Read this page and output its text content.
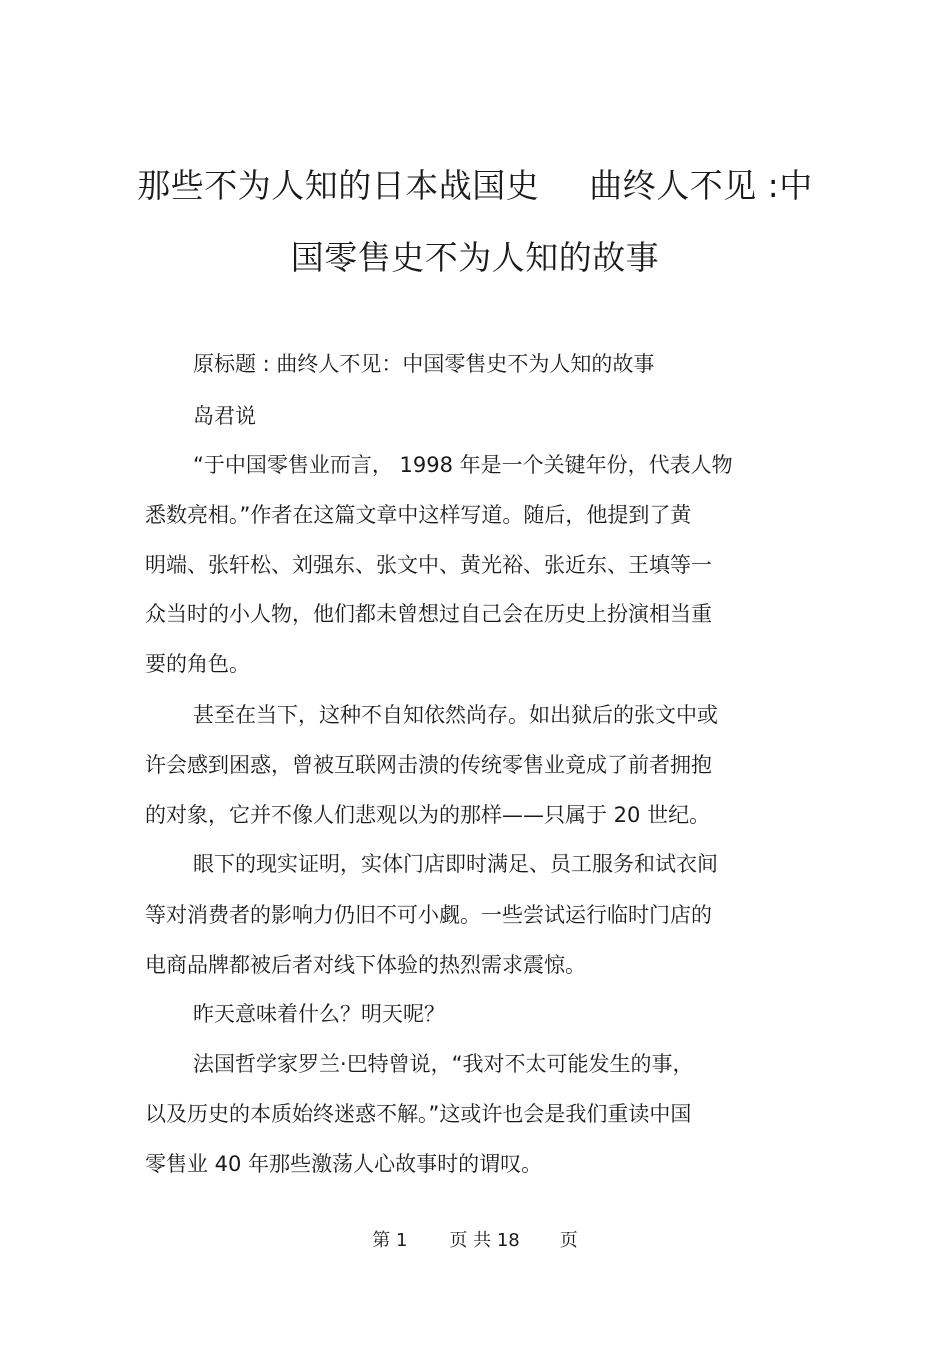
那些不为人知的日本战国史 曲终人不见 :中
国零售史不为人知的故事
原标题 : 曲终人不见：中国零售史不为人知的故事
岛君说
“于中国零售业而言， 1998 年是一个关键年份，代表人物
悉数亮相。”作者在这篇文章中这样写道。随后，他提到了黄
明端、张轩松、刘强东、张文中、黄光裕、张近东、王填等一
众当时的小人物，他们都未曾想过自己会在历史上扮演相当重
要的角色。
甚至在当下，这种不自知依然尚存。如出狱后的张文中或
许会感到困惑，曾被互联网击溃的传统零售业竟成了前者拥抱
的对象，它并不像人们悲观以为的那样——只属于 20 世纪。
眼下的现实证明，实体门店即时满足、员工服务和试衣间
等对消费者的影响力仍旧不可小觑。一些尝试运行临时门店的
电商品牌都被后者对线下体验的热烈需求震惊。
昨天意味着什么？明天呢？
法国哲学家罗兰·巴特曾说，“我对不太可能发生的事，
以及历史的本质始终迷惑不解。”这或许也会是我们重读中国
零售业 40 年那些激荡人心故事时的谓叹。
第 1 页 共 18 页
